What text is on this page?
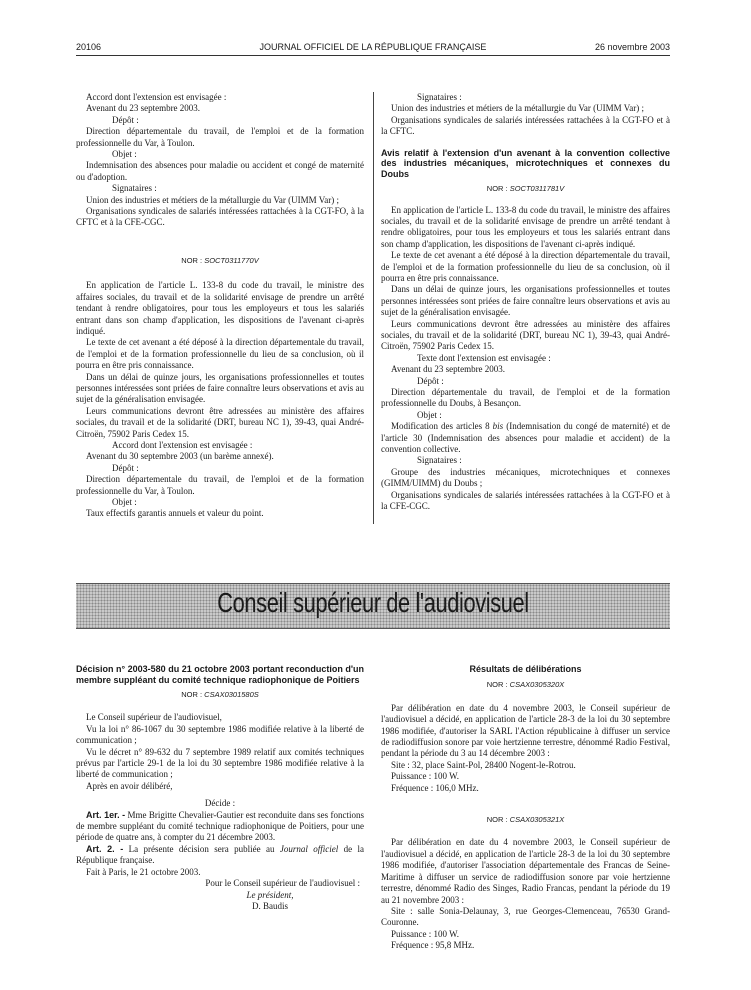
20106	JOURNAL OFFICIEL DE LA RÉPUBLIQUE FRANÇAISE	26 novembre 2003

Accord dont l'extension est envisagée :

Avenant du 23 septembre 2003.

Dépôt :

Direction départementale du travail, de l'emploi et de la formation professionnelle du Var, à Toulon.

Objet :

Indemnisation des absences pour maladie ou accident et congé de maternité ou d'adoption.

Signataires :

Union des industries et métiers de la métallurgie du Var (UIMM Var) ;

Organisations syndicales de salariés intéressées rattachées à la CGT-FO, à la CFTC et à la CFE-CGC.

NOR : SOCT0311770V

En application de l'article L. 133-8 du code du travail, le ministre des affaires sociales, du travail et de la solidarité envisage de prendre un arrêté tendant à rendre obligatoires, pour tous les employeurs et tous les salariés entrant dans son champ d'application, les dispositions de l'avenant ci-après indiqué.

Le texte de cet avenant a été déposé à la direction départementale du travail, de l'emploi et de la formation professionnelle du lieu de sa conclusion, où il pourra en être pris connaissance.

Dans un délai de quinze jours, les organisations professionnelles et toutes personnes intéressées sont priées de faire connaître leurs observations et avis au sujet de la généralisation envisagée.

Leurs communications devront être adressées au ministère des affaires sociales, du travail et de la solidarité (DRT, bureau NC 1), 39-43, quai André-Citroën, 75902 Paris Cedex 15.

Accord dont l'extension est envisagée :

Avenant du 30 septembre 2003 (un barème annexé).

Dépôt :

Direction départementale du travail, de l'emploi et de la formation professionnelle du Var, à Toulon.

Objet :

Taux effectifs garantis annuels et valeur du point.

Signataires :

Union des industries et métiers de la métallurgie du Var (UIMM Var) ;

Organisations syndicales de salariés intéressées rattachées à la CGT-FO et à la CFTC.

Avis relatif à l'extension d'un avenant à la convention collective des industries mécaniques, microtechniques et connexes du Doubs

NOR : SOCT0311781V

En application de l'article L. 133-8 du code du travail, le ministre des affaires sociales, du travail et de la solidarité envisage de prendre un arrêté tendant à rendre obligatoires, pour tous les employeurs et tous les salariés entrant dans son champ d'application, les dispositions de l'avenant ci-après indiqué.

Le texte de cet avenant a été déposé à la direction départementale du travail, de l'emploi et de la formation professionnelle du lieu de sa conclusion, où il pourra en être pris connaissance.

Dans un délai de quinze jours, les organisations professionnelles et toutes personnes intéressées sont priées de faire connaître leurs observations et avis au sujet de la généralisation envisagée.

Leurs communications devront être adressées au ministère des affaires sociales, du travail et de la solidarité (DRT, bureau NC 1), 39-43, quai André-Citroën, 75902 Paris Cedex 15.

Texte dont l'extension est envisagée :

Avenant du 23 septembre 2003.

Dépôt :

Direction départementale du travail, de l'emploi et de la formation professionnelle du Doubs, à Besançon.

Objet :

Modification des articles 8 bis (Indemnisation du congé de maternité) et de l'article 30 (Indemnisation des absences pour maladie et accident) de la convention collective.

Signataires :

Groupe des industries mécaniques, microtechniques et connexes (GIMM/UIMM) du Doubs ;

Organisations syndicales de salariés intéressées rattachées à la CGT-FO et à la CFE-CGC.

Conseil supérieur de l'audiovisuel

Décision n° 2003-580 du 21 octobre 2003 portant reconduction d'un membre suppléant du comité technique radiophonique de Poitiers

NOR : CSAX0301580S

Le Conseil supérieur de l'audiovisuel,

Vu la loi n° 86-1067 du 30 septembre 1986 modifiée relative à la liberté de communication ;

Vu le décret n° 89-632 du 7 septembre 1989 relatif aux comités techniques prévus par l'article 29-1 de la loi du 30 septembre 1986 modifiée relative à la liberté de communication ;

Après en avoir délibéré,

Décide :

Art. 1er. - Mme Brigitte Chevalier-Gautier est reconduite dans ses fonctions de membre suppléant du comité technique radiophonique de Poitiers, pour une période de quatre ans, à compter du 21 décembre 2003.

Art. 2. - La présente décision sera publiée au Journal officiel de la République française.

Fait à Paris, le 21 octobre 2003.

Pour le Conseil supérieur de l'audiovisuel :

Le président,

D. Baudis

Résultats de délibérations

NOR : CSAX0305320X

Par délibération en date du 4 novembre 2003, le Conseil supérieur de l'audiovisuel a décidé, en application de l'article 28-3 de la loi du 30 septembre 1986 modifiée, d'autoriser la SARL l'Action républicaine à diffuser un service de radiodiffusion sonore par voie hertzienne terrestre, dénommé Radio Festival, pendant la période du 3 au 14 décembre 2003 :

Site : 32, place Saint-Pol, 28400 Nogent-le-Rotrou.

Puissance : 100 W.

Fréquence : 106,0 MHz.

NOR : CSAX0305321X

Par délibération en date du 4 novembre 2003, le Conseil supérieur de l'audiovisuel a décidé, en application de l'article 28-3 de la loi du 30 septembre 1986 modifiée, d'autoriser l'association départementale des Francas de Seine-Maritime à diffuser un service de radiodiffusion sonore par voie hertzienne terrestre, dénommé Radio des Singes, Radio Francas, pendant la période du 19 au 21 novembre 2003 :

Site : salle Sonia-Delaunay, 3, rue Georges-Clemenceau, 76530 Grand-Couronne.

Puissance : 100 W.

Fréquence : 95,8 MHz.
